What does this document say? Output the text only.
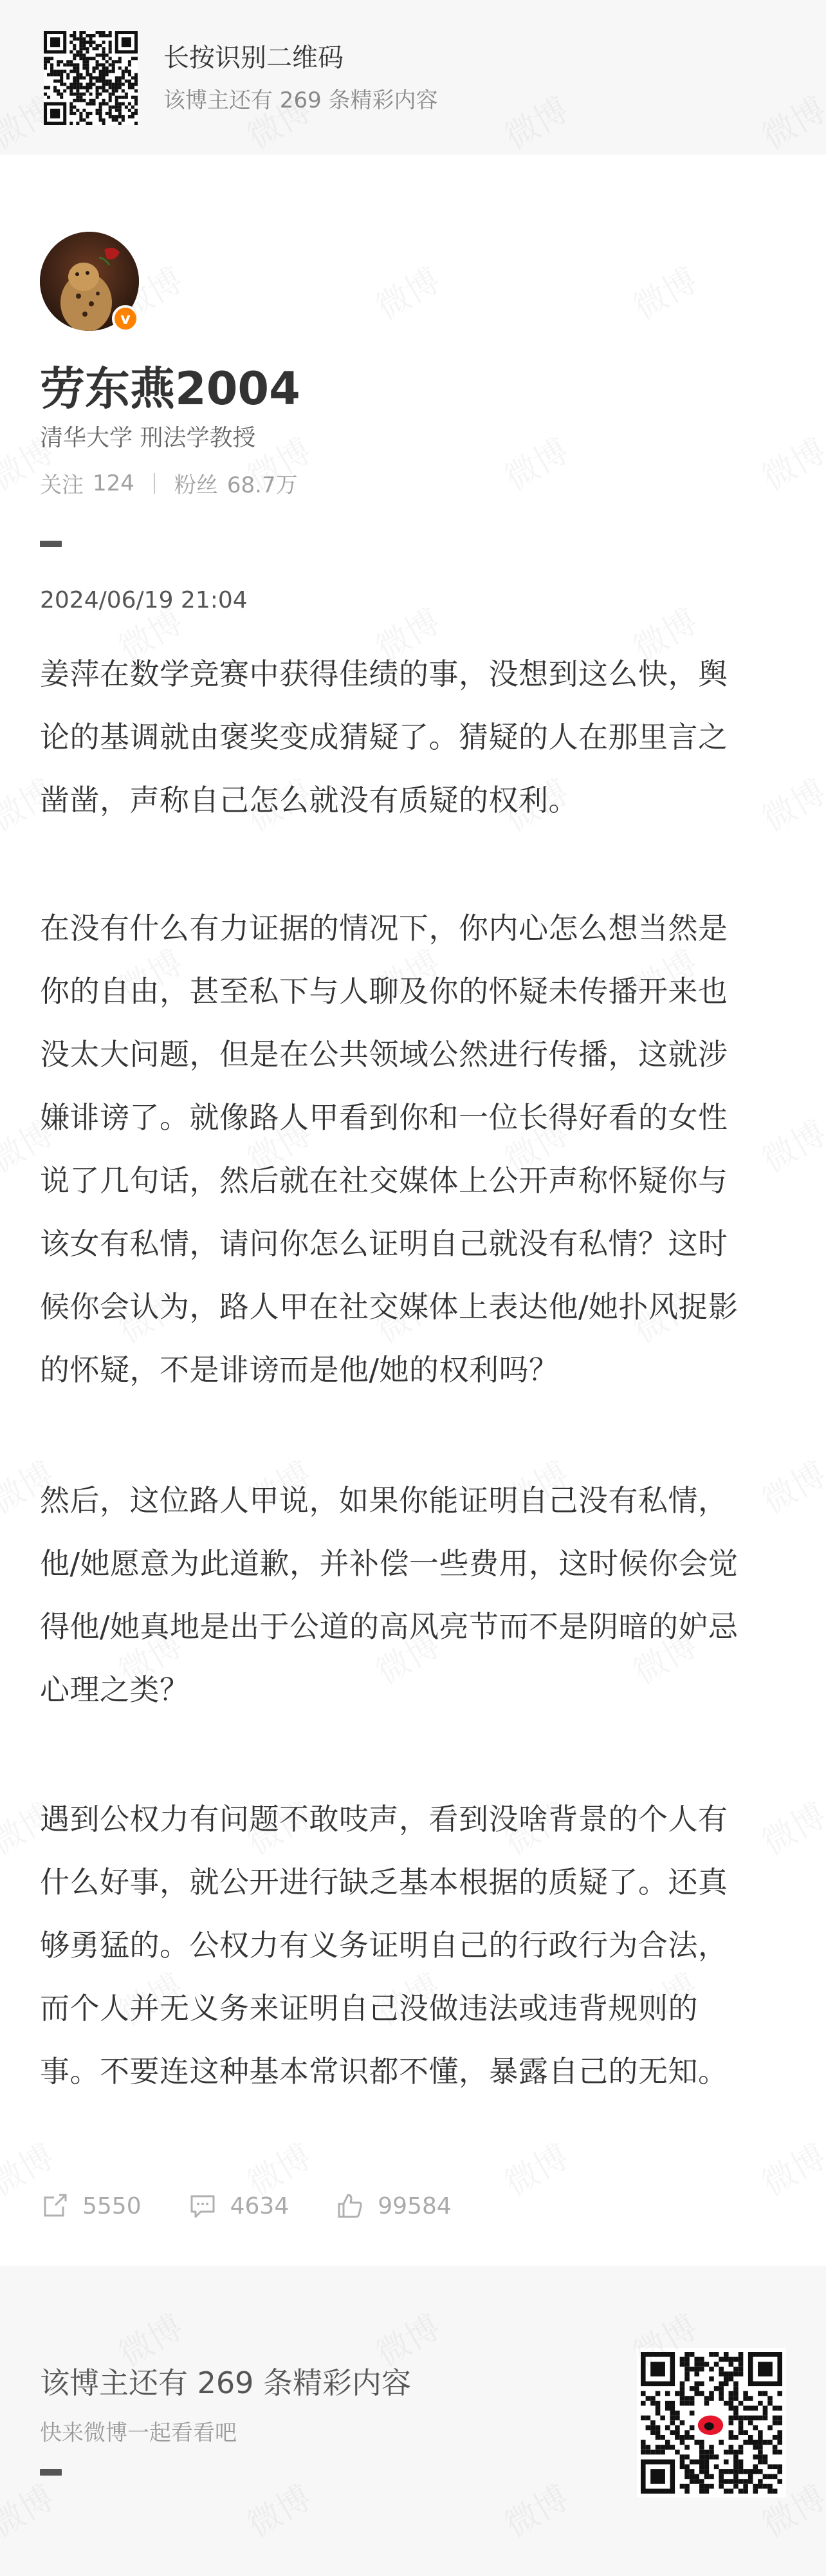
长按识别二维码
该博主还有 269 条精彩内容
v
劳东燕2004
清华大学 刑法学教授
关注 124 粉丝 68.7万
2024/06/19 21:04
姜萍在数学竞赛中获得佳绩的事，没想到这么快，舆
论的基调就由褒奖变成猜疑了。猜疑的人在那里言之
凿凿，声称自己怎么就没有质疑的权利。
在没有什么有力证据的情况下，你内心怎么想当然是
你的自由，甚至私下与人聊及你的怀疑未传播开来也
没太大问题，但是在公共领域公然进行传播，这就涉
嫌诽谤了。就像路人甲看到你和一位长得好看的女性
说了几句话，然后就在社交媒体上公开声称怀疑你与
该女有私情，请问你怎么证明自己就没有私情？这时
候你会认为，路人甲在社交媒体上表达他/她扑风捉影
的怀疑，不是诽谤而是他/她的权利吗？
然后，这位路人甲说，如果你能证明自己没有私情，
他/她愿意为此道歉，并补偿一些费用，这时候你会觉
得他/她真地是出于公道的高风亮节而不是阴暗的妒忌
心理之类？
遇到公权力有问题不敢吱声，看到没啥背景的个人有
什么好事，就公开进行缺乏基本根据的质疑了。还真
够勇猛的。公权力有义务证明自己的行政行为合法，
而个人并无义务来证明自己没做违法或违背规则的
事。不要连这种基本常识都不懂，暴露自己的无知。
5550	4634	99584
该博主还有 269 条精彩内容
快来微博一起看看吧
